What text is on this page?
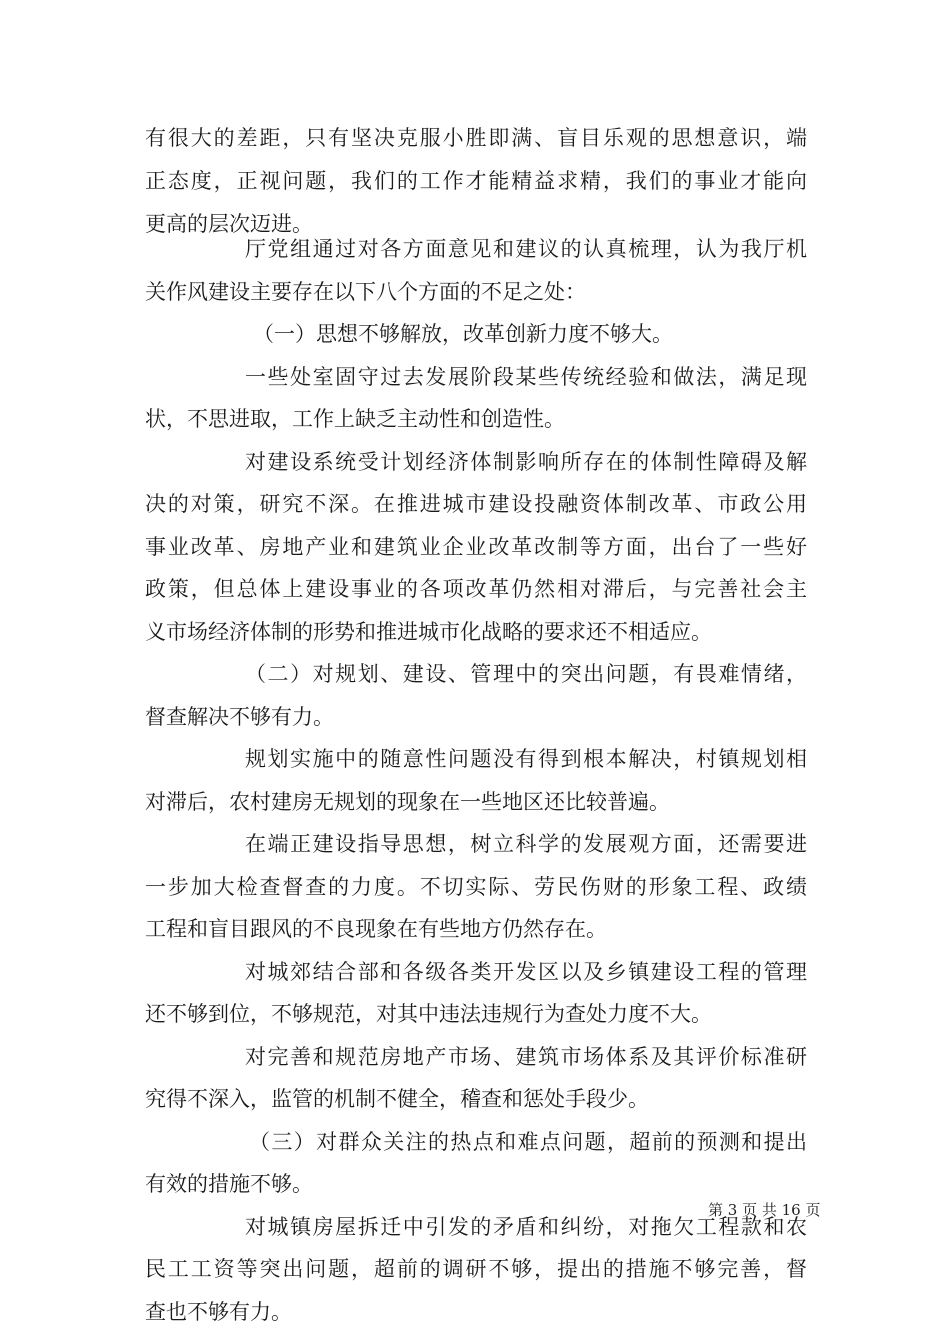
有很大的差距，只有坚决克服小胜即满、盲目乐观的思想意识，端
正态度，正视问题，我们的工作才能精益求精，我们的事业才能向
更高的层次迈进。
厅党组通过对各方面意见和建议的认真梳理，认为我厅机
关作风建设主要存在以下八个方面的不足之处：
（一）思想不够解放，改革创新力度不够大。
一些处室固守过去发展阶段某些传统经验和做法，满足现
状，不思进取，工作上缺乏主动性和创造性。
对建设系统受计划经济体制影响所存在的体制性障碍及解
决的对策，研究不深。在推进城市建设投融资体制改革、市政公用
事业改革、房地产业和建筑业企业改革改制等方面，出台了一些好
政策，但总体上建设事业的各项改革仍然相对滞后，与完善社会主
义市场经济体制的形势和推进城市化战略的要求还不相适应。
（二）对规划、建设、管理中的突出问题，有畏难情绪，
督查解决不够有力。
规划实施中的随意性问题没有得到根本解决，村镇规划相
对滞后，农村建房无规划的现象在一些地区还比较普遍。
在端正建设指导思想，树立科学的发展观方面，还需要进
一步加大检查督查的力度。不切实际、劳民伤财的形象工程、政绩
工程和盲目跟风的不良现象在有些地方仍然存在。
对城郊结合部和各级各类开发区以及乡镇建设工程的管理
还不够到位，不够规范，对其中违法违规行为查处力度不大。
对完善和规范房地产市场、建筑市场体系及其评价标准研
究得不深入，监管的机制不健全，稽查和惩处手段少。
（三）对群众关注的热点和难点问题，超前的预测和提出
有效的措施不够。
对城镇房屋拆迁中引发的矛盾和纠纷，对拖欠工程款和农
民工工资等突出问题，超前的调研不够，提出的措施不够完善，督
查也不够有力。
第 3 页 共 16 页
